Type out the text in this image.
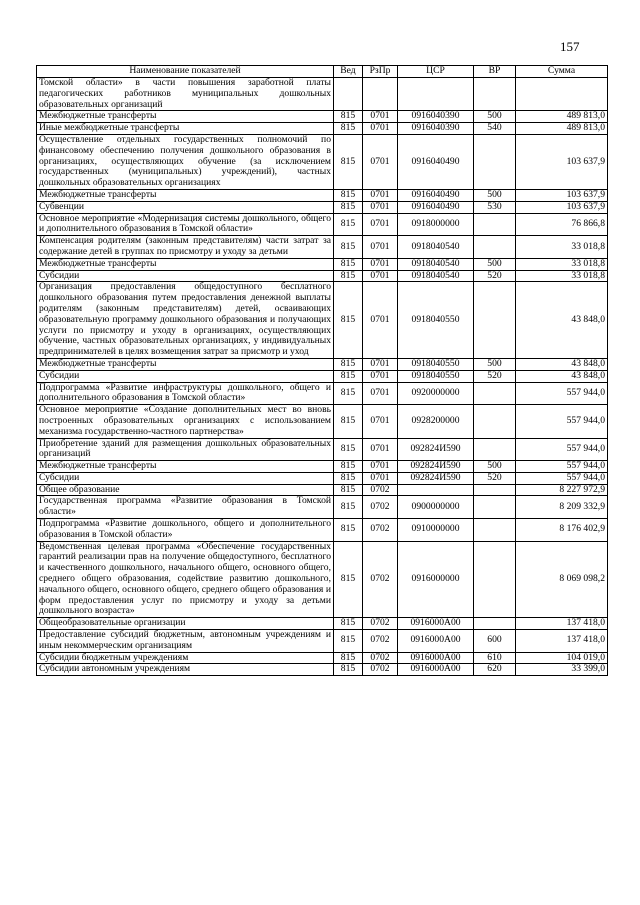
157
Наименование показателей	Вед	РзПр	ЦСР	ВР	Сумма
Томской области» в части повышения заработной платы педагогических работников муниципальных дошкольных образовательных организаций					
Межбюджетные трансферты	815	0701	0916040390	500	489 813,0
Иные межбюджетные трансферты	815	0701	0916040390	540	489 813,0
Осуществление отдельных государственных полномочий по финансовому обеспечению получения дошкольного образования в организациях, осуществляющих обучение (за исключением государственных (муниципальных) учреждений), частных дошкольных образовательных организациях	815	0701	0916040490		103 637,9
Межбюджетные трансферты	815	0701	0916040490	500	103 637,9
Субвенции	815	0701	0916040490	530	103 637,9
Основное мероприятие «Модернизация системы дошкольного, общего и дополнительного образования в Томской области»	815	0701	0918000000		76 866,8
Компенсация родителям (законным представителям) части затрат за содержание детей в группах по присмотру и уходу за детьми	815	0701	0918040540		33 018,8
Межбюджетные трансферты	815	0701	0918040540	500	33 018,8
Субсидии	815	0701	0918040540	520	33 018,8
Организация предоставления общедоступного бесплатного дошкольного образования путем предоставления денежной выплаты родителям (законным представителям) детей, осваивающих образовательную программу дошкольного образования и получающих услуги по присмотру и уходу в организациях, осуществляющих обучение, частных образовательных организациях, у индивидуальных предпринимателей в целях возмещения затрат за присмотр и уход	815	0701	0918040550		43 848,0
Межбюджетные трансферты	815	0701	0918040550	500	43 848,0
Субсидии	815	0701	0918040550	520	43 848,0
Подпрограмма «Развитие инфраструктуры дошкольного, общего и дополнительного образования в Томской области»	815	0701	0920000000		557 944,0
Основное мероприятие «Создание дополнительных мест во вновь построенных образовательных организациях с использованием механизма государственно-частного партнерства»	815	0701	0928200000		557 944,0
Приобретение зданий для размещения дошкольных образовательных организаций	815	0701	092824И590		557 944,0
Межбюджетные трансферты	815	0701	092824И590	500	557 944,0
Субсидии	815	0701	092824И590	520	557 944,0
Общее образование	815	0702			8 227 972,9
Государственная программа «Развитие образования в Томской области»	815	0702	0900000000		8 209 332,9
Подпрограмма «Развитие дошкольного, общего и дополнительного образования в Томской области»	815	0702	0910000000		8 176 402,9
Ведомственная целевая программа «Обеспечение государственных гарантий реализации прав на получение общедоступного, бесплатного и качественного дошкольного, начального общего, основного общего, среднего общего образования, содействие развитию дошкольного, начального общего, основного общего, среднего общего образования и форм предоставления услуг по присмотру и уходу за детьми дошкольного возраста»	815	0702	0916000000		8 069 098,2
Общеобразовательные организации	815	0702	0916000А00		137 418,0
Предоставление субсидий бюджетным, автономным учреждениям и иным некоммерческим организациям	815	0702	0916000А00	600	137 418,0
Субсидии бюджетным учреждениям	815	0702	0916000А00	610	104 019,0
Субсидии автономным учреждениям	815	0702	0916000А00	620	33 399,0
